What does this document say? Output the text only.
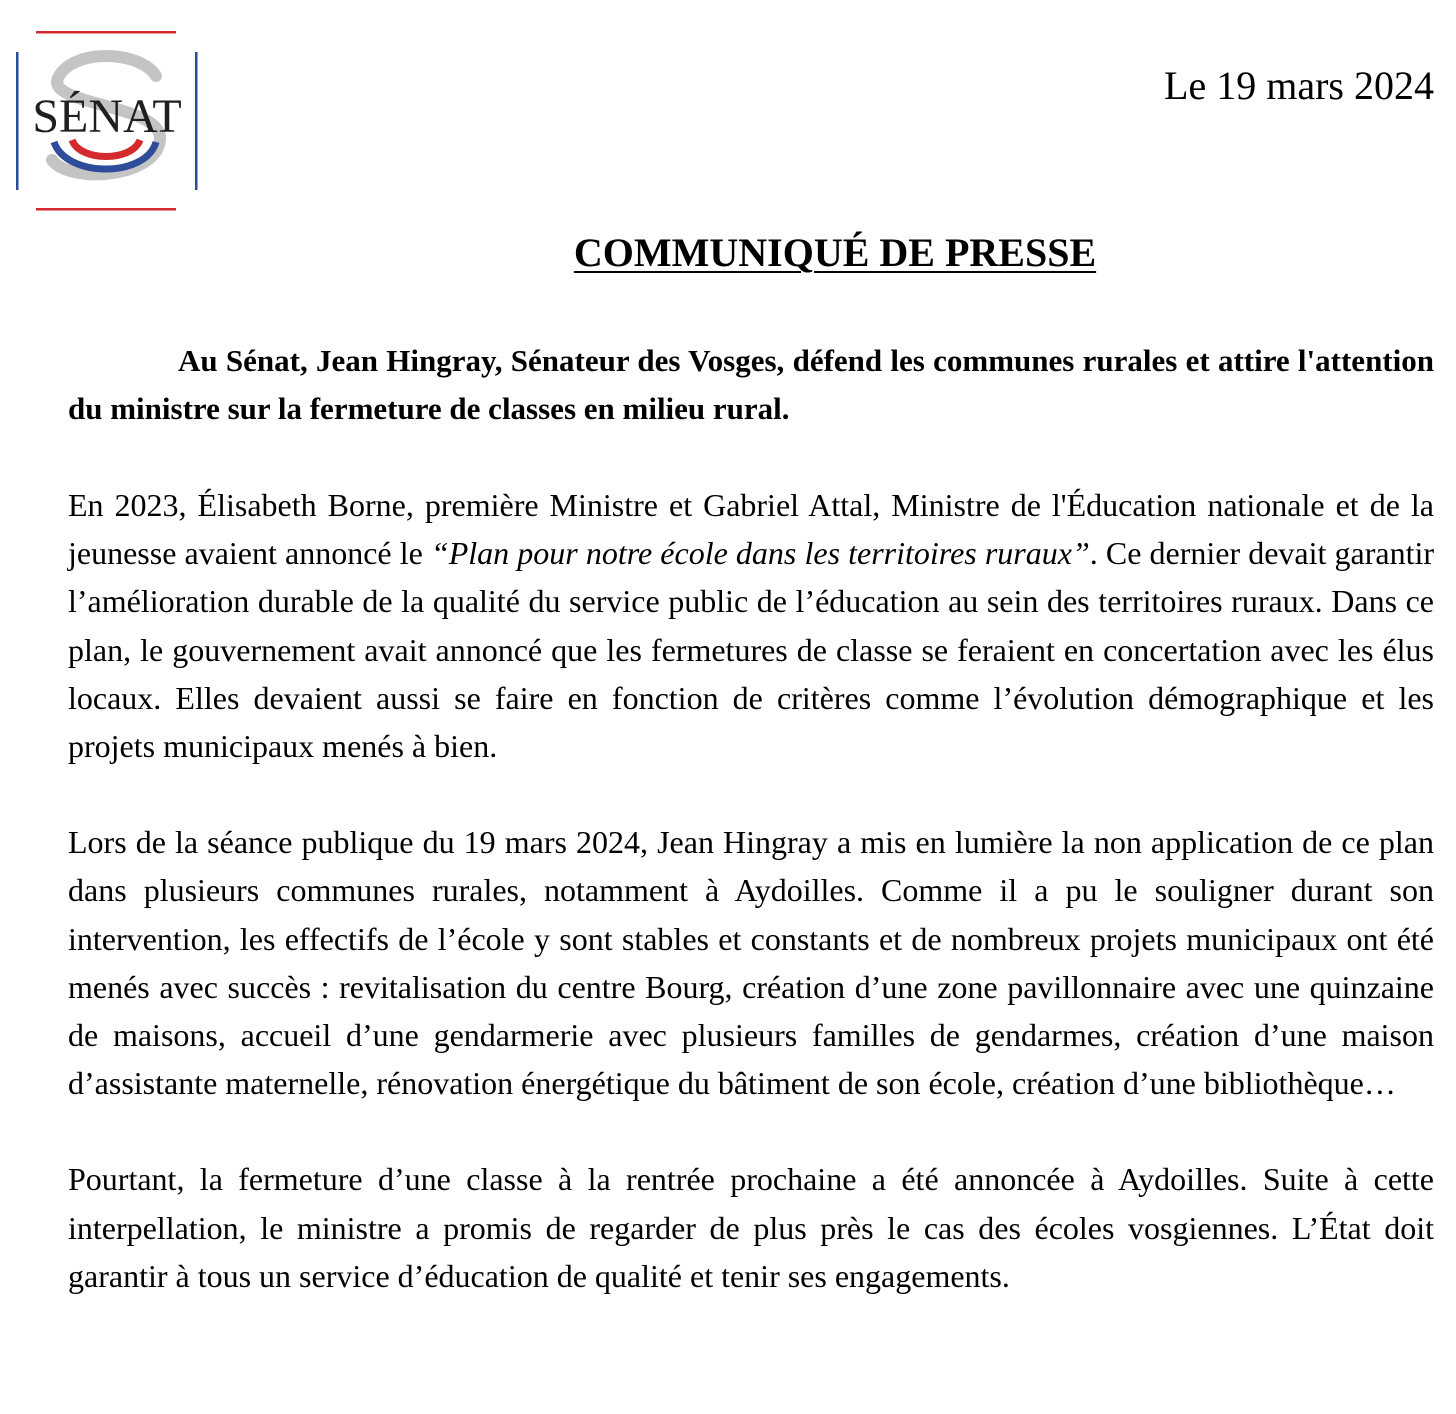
SÉNAT
Le 19 mars 2024
COMMUNIQUÉ DE PRESSE

Au Sénat, Jean Hingray, Sénateur des Vosges, défend les communes rurales et attire l'attention du ministre sur la fermeture de classes en milieu rural.

En 2023, Élisabeth Borne, première Ministre et Gabriel Attal, Ministre de l'Éducation nationale et de la jeunesse avaient annoncé le “Plan pour notre école dans les territoires ruraux”. Ce dernier devait garantir l’amélioration durable de la qualité du service public de l’éducation au sein des territoires ruraux. Dans ce plan, le gouvernement avait annoncé que les fermetures de classe se feraient en concertation avec les élus locaux. Elles devaient aussi se faire en fonction de critères comme l’évolution démographique et les projets municipaux menés à bien.

Lors de la séance publique du 19 mars 2024, Jean Hingray a mis en lumière la non application de ce plan dans plusieurs communes rurales, notamment à Aydoilles. Comme il a pu le souligner durant son intervention, les effectifs de l’école y sont stables et constants et de nombreux projets municipaux ont été menés avec succès : revitalisation du centre Bourg, création d’une zone pavillonnaire avec une quinzaine de maisons, accueil d’une gendarmerie avec plusieurs familles de gendarmes, création d’une maison d’assistante maternelle, rénovation énergétique du bâtiment de son école, création d’une bibliothèque…

Pourtant, la fermeture d’une classe à la rentrée prochaine a été annoncée à Aydoilles. Suite à cette interpellation, le ministre a promis de regarder de plus près le cas des écoles vosgiennes. L’État doit garantir à tous un service d’éducation de qualité et tenir ses engagements.
